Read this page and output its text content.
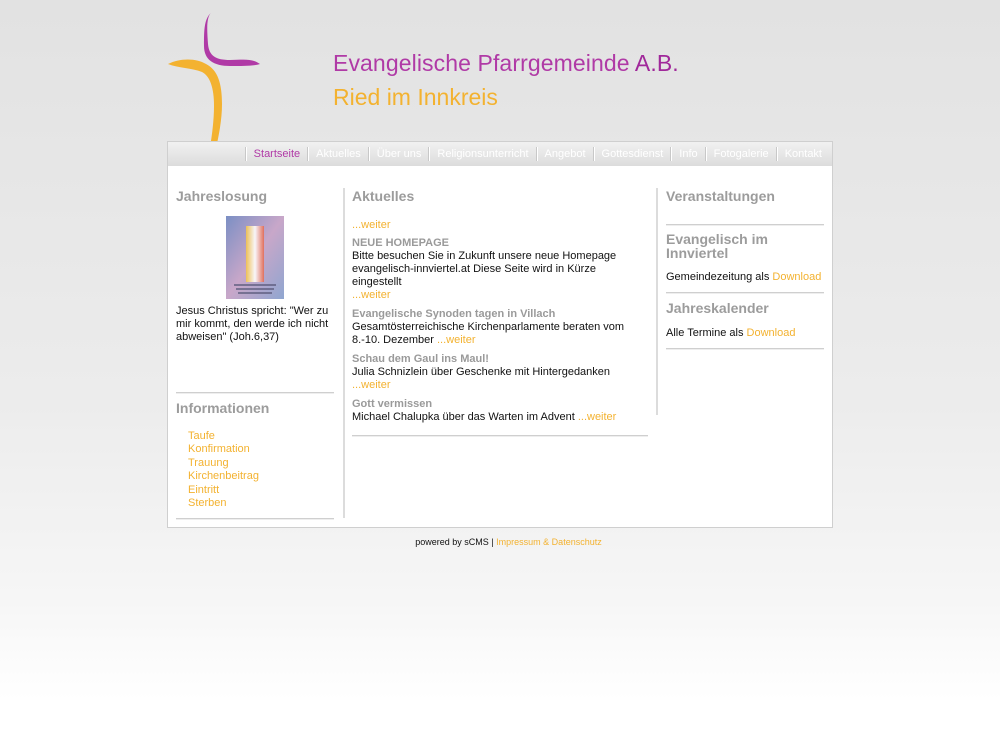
Evangelische Pfarrgemeinde A.B.
Ried im Innkreis
Startseite	Aktuelles	Über uns	Religionsunterricht	Angebot	Gottesdienst	Info	Fotogalerie	Kontakt
Jahreslosung
Jesus Christus spricht: "Wer zu mir kommt, den werde ich nicht abweisen" (Joh.6,37)
Informationen
Taufe
Konfirmation
Trauung
Kirchenbeitrag
Eintritt
Sterben
Aktuelles
...weiter
NEUE HOMEPAGE
Bitte besuchen Sie in Zukunft unsere neue Homepage evangelisch-innviertel.at Diese Seite wird in Kürze eingestellt
...weiter
Evangelische Synoden tagen in Villach
Gesamtösterreichische Kirchenparlamente beraten vom 8.-10. Dezember ...weiter
Schau dem Gaul ins Maul!
Julia Schnizlein über Geschenke mit Hintergedanken ...weiter
Gott vermissen
Michael Chalupka über das Warten im Advent ...weiter
Veranstaltungen
Evangelisch im Innviertel
Gemeindezeitung als Download
Jahreskalender
Alle Termine als Download
powered by sCMS | Impressum & Datenschutz
